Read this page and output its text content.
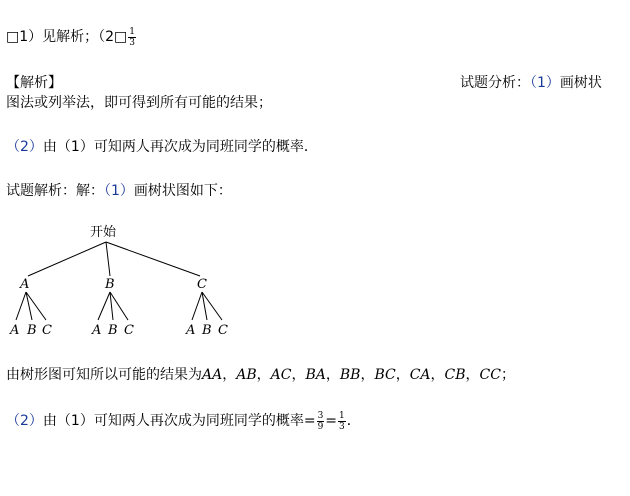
□1）见解析；（2□ $\frac{1}{3}$
【解析】	试题分析：（1）画树状
图法或列举法，即可得到所有可能的结果；
（2）由（1）可知两人再次成为同班同学的概率．
试题解析：解：（1）画树状图如下：
开始
A	B	C
A B C	A B C	A B C
由树形图可知所以可能的结果为AA，AB，AC，BA，BB，BC，CA，CB，CC；
（2）由（1）可知两人再次成为同班同学的概率= $\frac{3}{9} = \frac{1}{3}$ ．
